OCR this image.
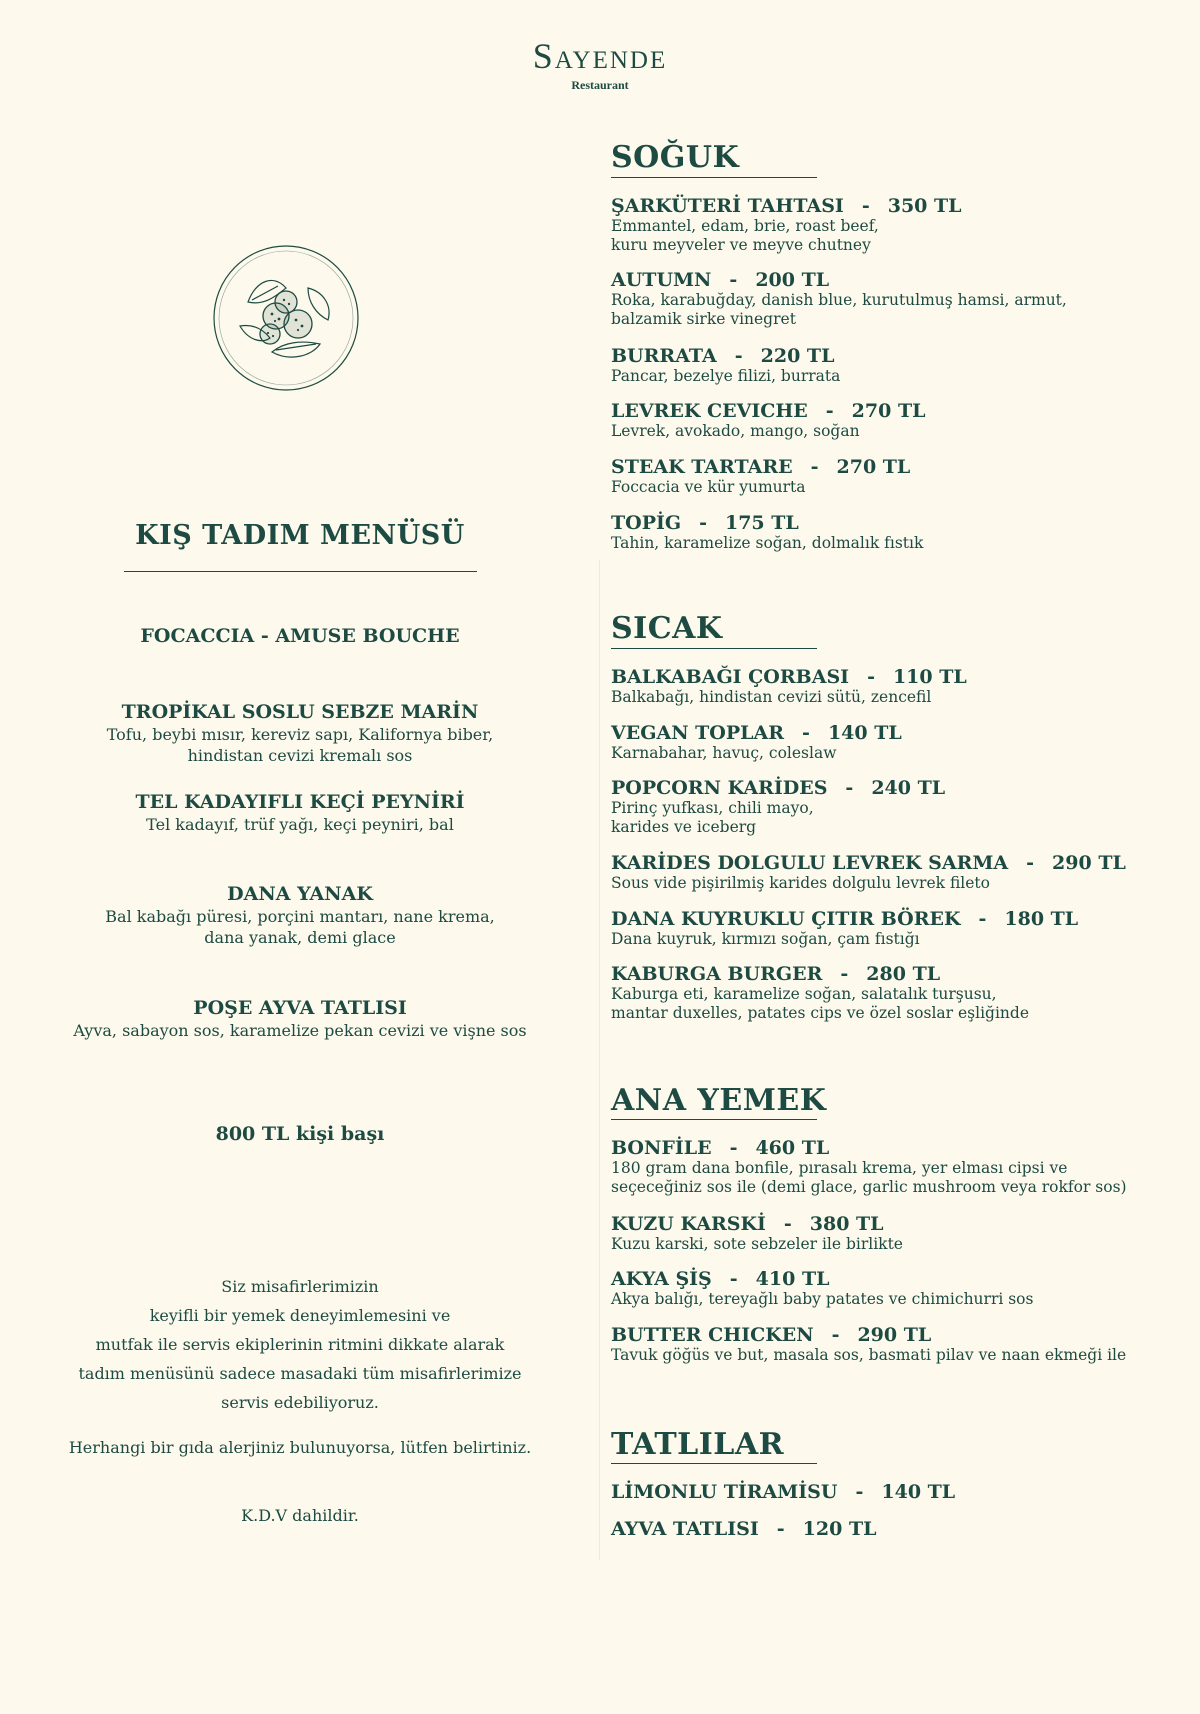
Sayende
Restaurant
KIŞ TADIM MENÜSÜ
FOCACCIA - AMUSE BOUCHE
TROPİKAL SOSLU SEBZE MARİN
Tofu, beybi mısır, kereviz sapı, Kalifornya biber,
hindistan cevizi kremalı sos
TEL KADAYIFLI KEÇİ PEYNİRİ
Tel kadayıf, trüf yağı, keçi peyniri, bal
DANA YANAK
Bal kabağı püresi, porçini mantarı, nane krema,
dana yanak, demi glace
POŞE AYVA TATLISI
Ayva, sabayon sos, karamelize pekan cevizi ve vişne sos
800 TL kişi başı
Siz misafirlerimizin
keyifli bir yemek deneyimlemesini ve
mutfak ile servis ekiplerinin ritmini dikkate alarak
tadım menüsünü sadece masadaki tüm misafirlerimize
servis edebiliyoruz.
Herhangi bir gıda alerjiniz bulunuyorsa, lütfen belirtiniz.
K.D.V dahildir.
SOĞUK
ŞARKÜTERİ TAHTASI - 350 TL
Emmantel, edam, brie, roast beef,
kuru meyveler ve meyve chutney
AUTUMN - 200 TL
Roka, karabuğday, danish blue, kurutulmuş hamsi, armut,
balzamik sirke vinegret
BURRATA - 220 TL
Pancar, bezelye filizi, burrata
LEVREK CEVICHE - 270 TL
Levrek, avokado, mango, soğan
STEAK TARTARE - 270 TL
Foccacia ve kür yumurta
TOPİG - 175 TL
Tahin, karamelize soğan, dolmalık fıstık
SICAK
BALKABAĞI ÇORBASI - 110 TL
Balkabağı, hindistan cevizi sütü, zencefil
VEGAN TOPLAR - 140 TL
Karnabahar, havuç, coleslaw
POPCORN KARİDES - 240 TL
Pirinç yufkası, chili mayo,
karides ve iceberg
KARİDES DOLGULU LEVREK SARMA - 290 TL
Sous vide pişirilmiş karides dolgulu levrek fileto
DANA KUYRUKLU ÇITIR BÖREK - 180 TL
Dana kuyruk, kırmızı soğan, çam fıstığı
KABURGA BURGER - 280 TL
Kaburga eti, karamelize soğan, salatalık turşusu,
mantar duxelles, patates cips ve özel soslar eşliğinde
ANA YEMEK
BONFİLE - 460 TL
180 gram dana bonfile, pırasalı krema, yer elması cipsi ve
seçeceğiniz sos ile (demi glace, garlic mushroom veya rokfor sos)
KUZU KARSKİ - 380 TL
Kuzu karski, sote sebzeler ile birlikte
AKYA ŞİŞ - 410 TL
Akya balığı, tereyağlı baby patates ve chimichurri sos
BUTTER CHICKEN - 290 TL
Tavuk göğüs ve but, masala sos, basmati pilav ve naan ekmeği ile
TATLILAR
LİMONLU TİRAMİSU - 140 TL
AYVA TATLISI - 120 TL
